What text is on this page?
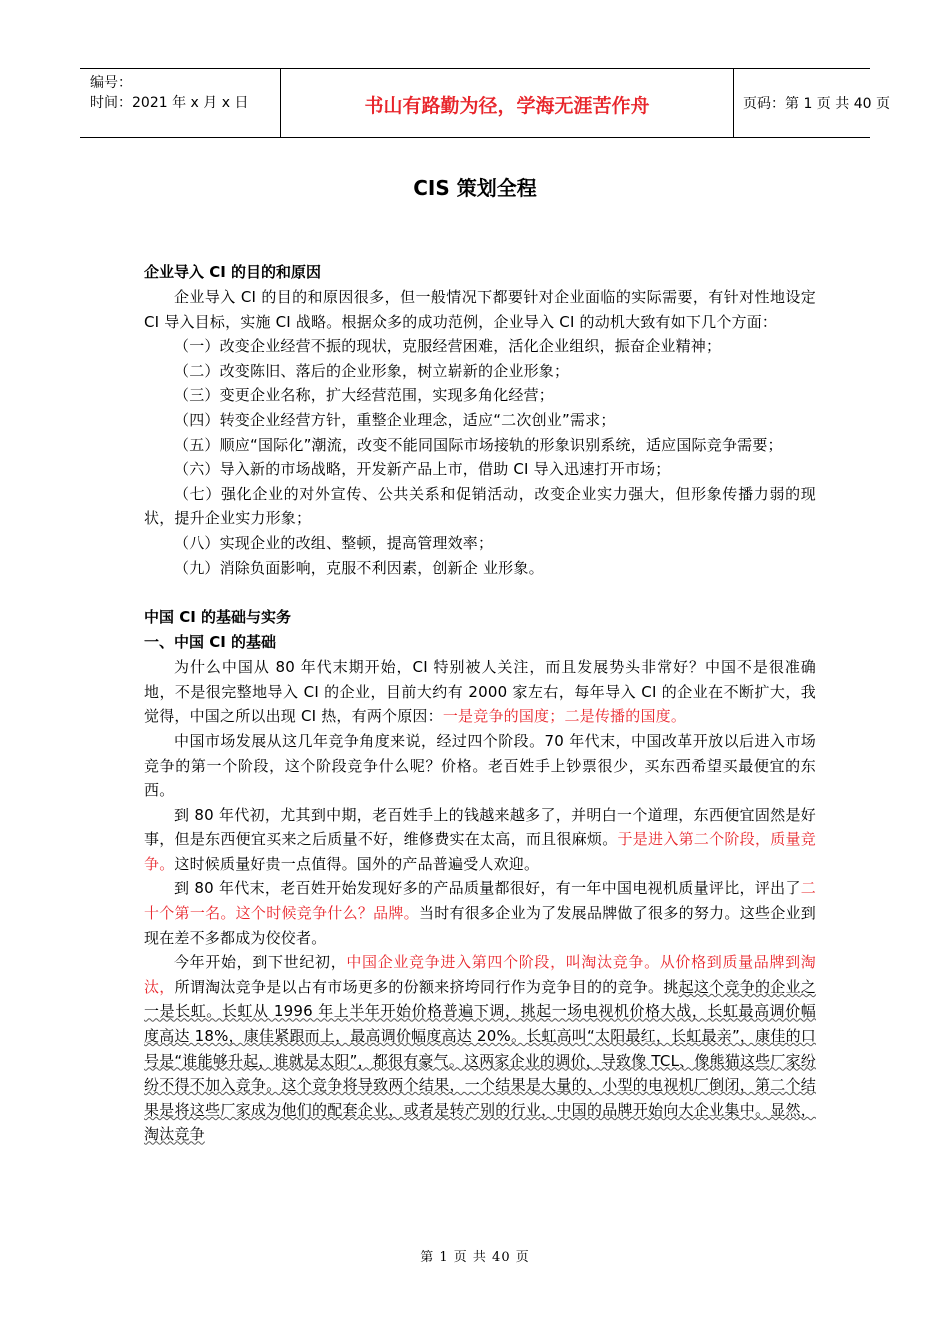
编号：
时间：2021 年 x 月 x 日	书山有路勤为径，学海无涯苦作舟	页码：第 1 页 共 40 页
CIS 策划全程

企业导入 CI 的目的和原因

企业导入 CI 的目的和原因很多，但一般情况下都要针对企业面临的实际需要，有针对性地设定 CI 导入目标，实施 CI 战略。根据众多的成功范例，企业导入 CI 的动机大致有如下几个方面：

（一）改变企业经营不振的现状，克服经营困难，活化企业组织，振奋企业精神；

（二）改变陈旧、落后的企业形象，树立崭新的企业形象；

（三）变更企业名称，扩大经营范围，实现多角化经营；

（四）转变企业经营方针，重整企业理念，适应“二次创业”需求；

（五）顺应“国际化”潮流，改变不能同国际市场接轨的形象识别系统，适应国际竞争需要；

（六）导入新的市场战略，开发新产品上市，借助 CI 导入迅速打开市场；

（七）强化企业的对外宣传、公共关系和促销活动，改变企业实力强大，但形象传播力弱的现状，提升企业实力形象；

（八）实现企业的改组、整顿，提高管理效率；

（九）消除负面影响，克服不利因素，创新企 业形象。

中国 CI 的基础与实务

一、中国 CI 的基础

为什么中国从 80 年代末期开始，CI 特别被人关注，而且发展势头非常好？中国不是很准确地，不是很完整地导入 CI 的企业，目前大约有 2000 家左右，每年导入 CI 的企业在不断扩大，我觉得，中国之所以出现 CI 热，有两个原因：一是竞争的国度；二是传播的国度。

中国市场发展从这几年竞争角度来说，经过四个阶段。70 年代末，中国改革开放以后进入市场竞争的第一个阶段，这个阶段竞争什么呢？价格。老百姓手上钞票很少，买东西希望买最便宜的东西。

到 80 年代初，尤其到中期，老百姓手上的钱越来越多了，并明白一个道理，东西便宜固然是好事，但是东西便宜买来之后质量不好，维修费实在太高，而且很麻烦。于是进入第二个阶段，质量竞争。这时候质量好贵一点值得。国外的产品普遍受人欢迎。

到 80 年代末，老百姓开始发现好多的产品质量都很好，有一年中国电视机质量评比，评出了二十个第一名。这个时候竞争什么？品牌。当时有很多企业为了发展品牌做了很多的努力。这些企业到现在差不多都成为佼佼者。

今年开始，到下世纪初，中国企业竞争进入第四个阶段，叫淘汰竞争。从价格到质量品牌到淘汰，所谓淘汰竞争是以占有市场更多的份额来挤垮同行作为竞争目的的竞争。挑起这个竞争的企业之一是长虹。长虹从 1996 年上半年开始价格普遍下调，挑起一场电视机价格大战，长虹最高调价幅度高达 18%，康佳紧跟而上，最高调价幅度高达 20%。长虹高叫“太阳最红，长虹最亲”，康佳的口号是“谁能够升起，谁就是太阳”，都很有豪气。这两家企业的调价，导致像 TCL、像熊猫这些厂家纷纷不得不加入竞争。这个竞争将导致两个结果，一个结果是大量的、小型的电视机厂倒闭，第二个结果是将这些厂家成为他们的配套企业，或者是转产别的行业，中国的品牌开始向大企业集中。显然，淘汰竞争

第 1 页 共 40 页
